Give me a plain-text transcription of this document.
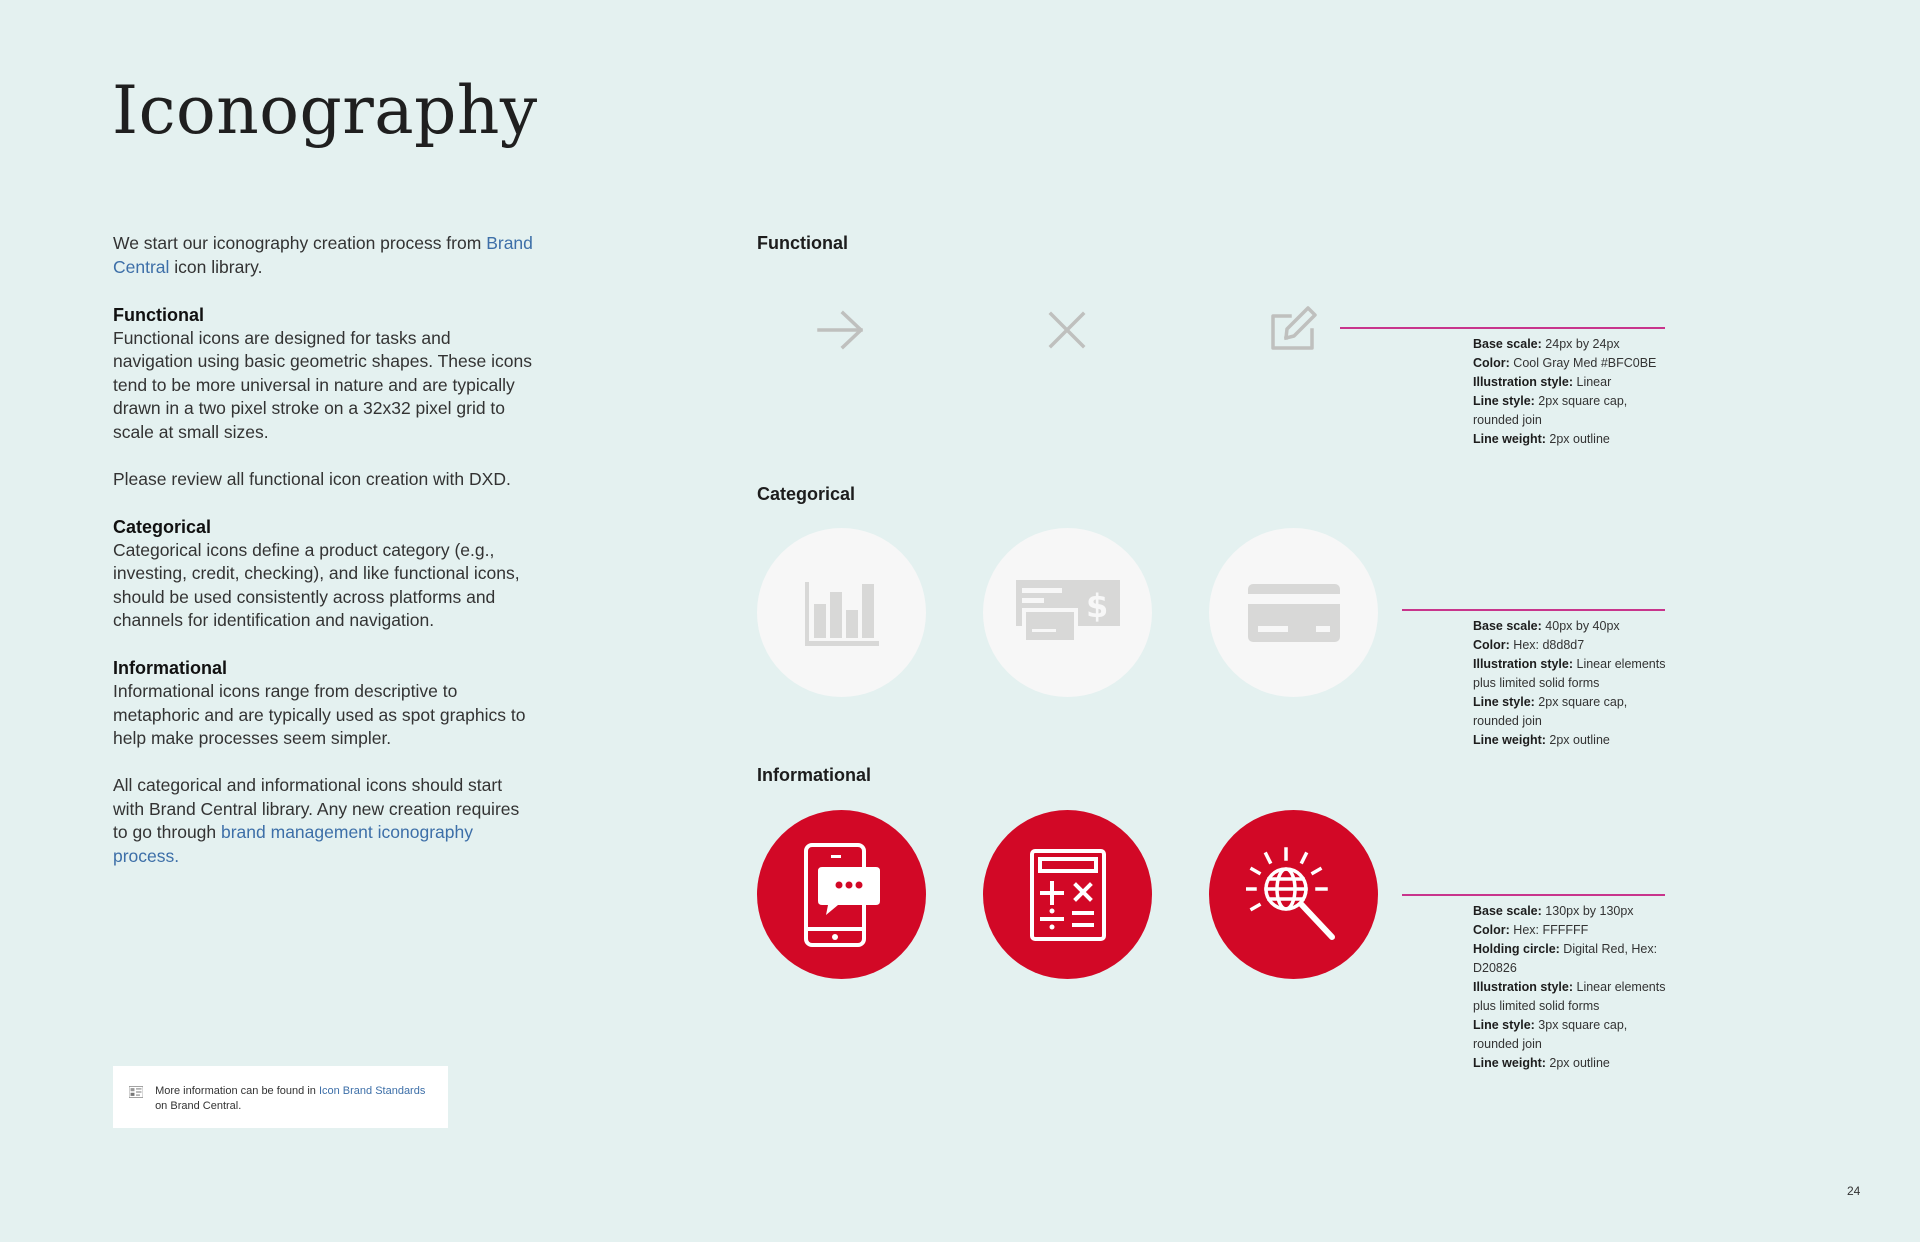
Iconography

We start our iconography creation process from Brand Central icon library.

Functional

Functional icons are designed for tasks and navigation using basic geometric shapes. These icons tend to be more universal in nature and are typically drawn in a two pixel stroke on a 32x32 pixel grid to scale at small sizes.

Please review all functional icon creation with DXD.

Categorical

Categorical icons define a product category (e.g., investing, credit, checking), and like functional icons, should be used consistently across platforms and channels for identification and navigation.

Informational

Informational icons range from descriptive to metaphoric and are typically used as spot graphics to help make processes seem simpler.

All categorical and informational icons should start with Brand Central library. Any new creation requires to go through brand management iconography process.

Functional
Base scale: 24px by 24px
Color: Cool Gray Med #BFC0BE
Illustration style: Linear
Line style: 2px square cap, rounded join
Line weight: 2px outline
Categorical
$
Base scale: 40px by 40px
Color: Hex: d8d8d7
Illustration style: Linear elements plus limited solid forms
Line style: 2px square cap, rounded join
Line weight: 2px outline
Informational
Base scale: 130px by 130px
Color: Hex: FFFFFF
Holding circle: Digital Red, Hex: D20826
Illustration style: Linear elements plus limited solid forms
Line style: 3px square cap, rounded join
Line weight: 2px outline
More information can be found in Icon Brand Standards on Brand Central.
24
